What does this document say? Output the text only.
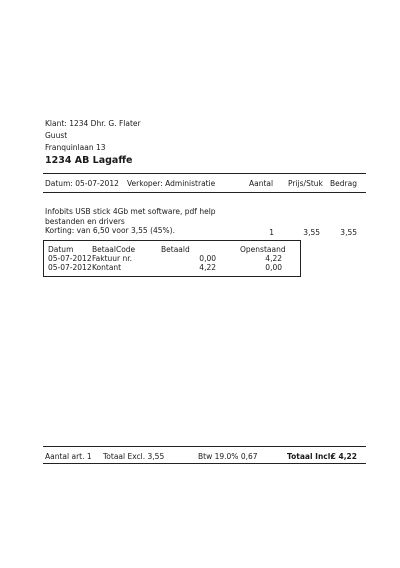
Klant: 1234 Dhr. G. Flater
Guust
Franquinlaan 13
1234 AB Lagaffe
Datum: 05-07-2012 Verkoper: Administratie	Aantal Prijs/Stuk Bedrag
Infobits USB stick 4Gb met software, pdf help
bestanden en drivers
Korting: van 6,50 voor 3,55 (45%).	1	3,55	3,55
Datum BetaalCode	Betaald	Openstaand
05-07-2012 Faktuur nr.	0,00	4,22
05-07-2012 Kontant	4,22	0,00
Aantal art. 1 Totaal Excl. 3,55	Btw 19.0% 0,67	Totaal Incl.
€ 4,22
